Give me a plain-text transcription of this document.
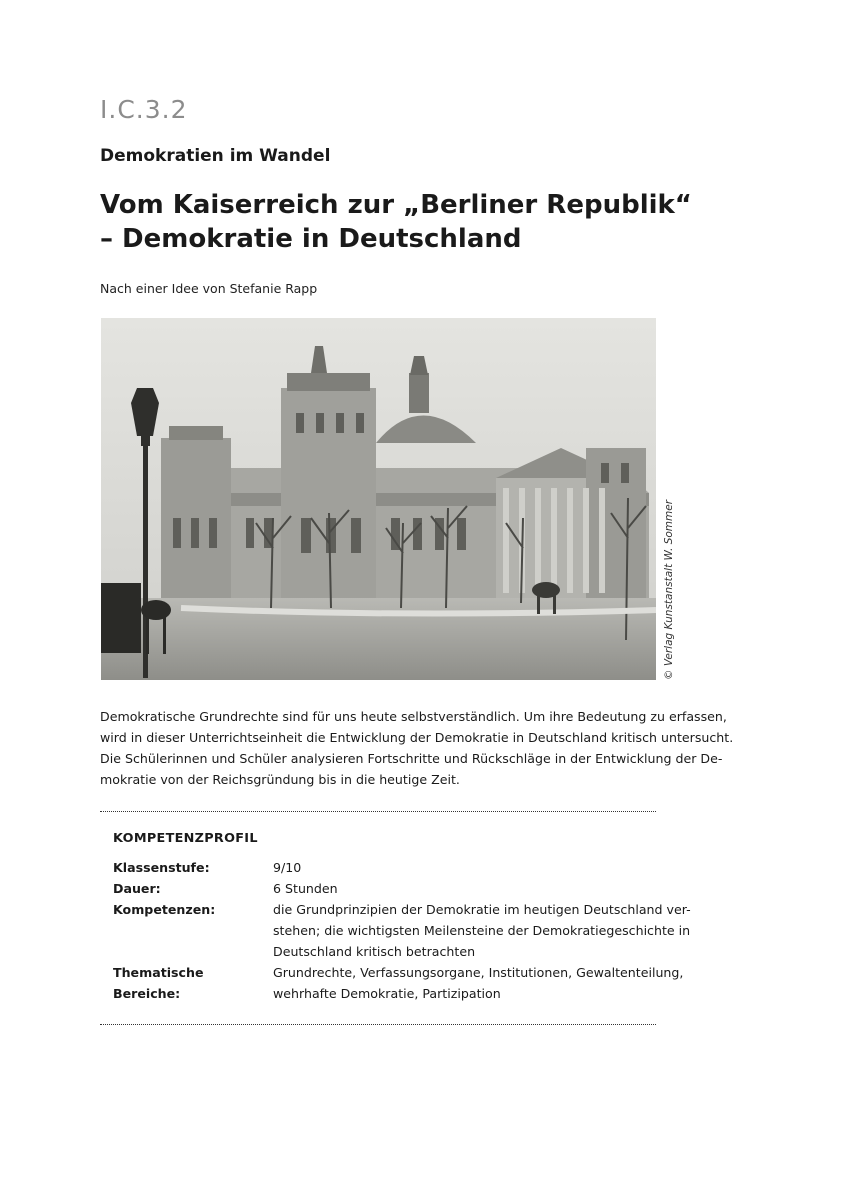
I.C.3.2
Demokratien im Wandel
Vom Kaiserreich zur „Berliner Republik“
– Demokratie in Deutschland
Nach einer Idee von Stefanie Rapp
© Verlag Kunstanstalt W. Sommer

Demokratische Grundrechte sind für uns heute selbstverständlich. Um ihre Bedeutung zu erfassen,

wird in dieser Unterrichtseinheit die Entwicklung der Demokratie in Deutschland kritisch untersucht.

Die Schülerinnen und Schüler analysieren Fortschritte und Rückschläge in der Entwicklung der De-

mokratie von der Reichsgründung bis in die heutige Zeit.

KOMPETENZPROFIL
Klassenstufe:	9/10
Dauer:	6 Stunden
Kompetenzen:	die Grundprinzipien der Demokratie im heutigen Deutschland ver-
stehen; die wichtigsten Meilensteine der Demokratiegeschichte in
Deutschland kritisch betrachten
Thematische Bereiche:
Grundrechte, Verfassungsorgane, Institutionen, Gewaltenteilung,
wehrhafte Demokratie, Partizipation
